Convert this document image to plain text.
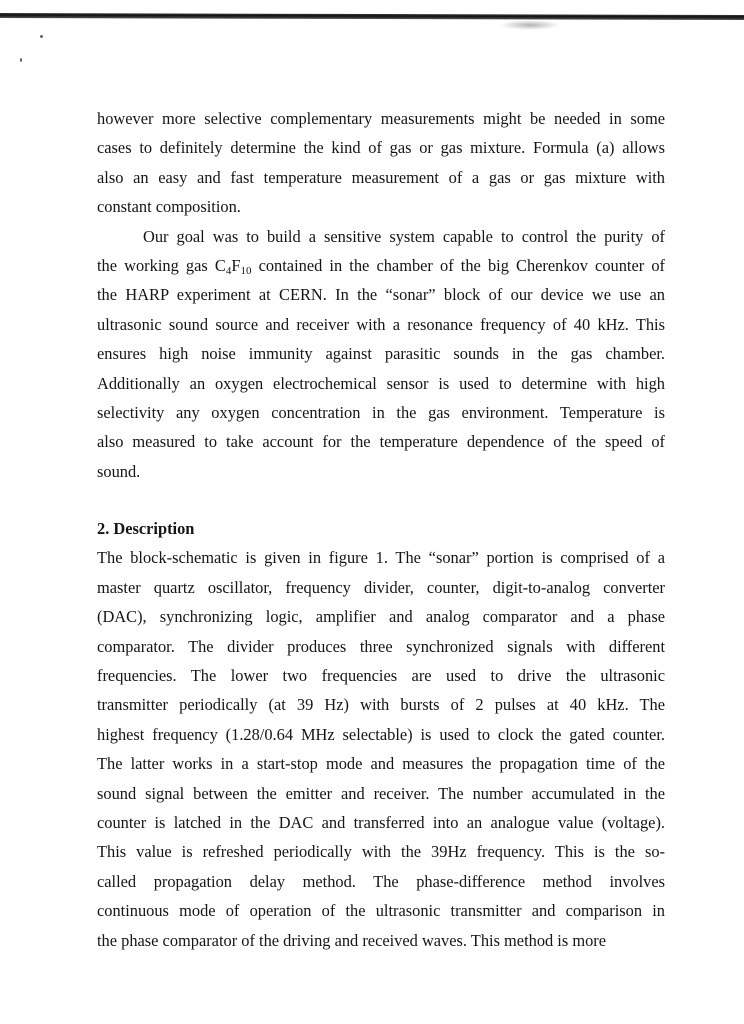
however more selective complementary measurements might be needed in some
cases to definitely determine the kind of gas or gas mixture. Formula (a) allows
also an easy and fast temperature measurement of a gas or gas mixture with
constant composition.
Our goal was to build a sensitive system capable to control the purity of
the working gas $C_4F_{10}$ contained in the chamber of the big Cherenkov counter of
the HARP experiment at CERN. In the “sonar” block of our device we use an
ultrasonic sound source and receiver with a resonance frequency of 40 kHz. This
ensures high noise immunity against parasitic sounds in the gas chamber.
Additionally an oxygen electrochemical sensor is used to determine with high
selectivity any oxygen concentration in the gas environment. Temperature is
also measured to take account for the temperature dependence of the speed of
sound.
2. Description
The block-schematic is given in figure 1. The “sonar” portion is comprised of a
master quartz oscillator, frequency divider, counter, digit-to-analog converter
(DAC), synchronizing logic, amplifier and analog comparator and a phase
comparator. The divider produces three synchronized signals with different
frequencies. The lower two frequencies are used to drive the ultrasonic
transmitter periodically (at 39 Hz) with bursts of 2 pulses at 40 kHz. The
highest frequency (1.28/0.64 MHz selectable) is used to clock the gated counter.
The latter works in a start-stop mode and measures the propagation time of the
sound signal between the emitter and receiver. The number accumulated in the
counter is latched in the DAC and transferred into an analogue value (voltage).
This value is refreshed periodically with the 39Hz frequency. This is the so-
called propagation delay method. The phase-difference method involves
continuous mode of operation of the ultrasonic transmitter and comparison in
the phase comparator of the driving and received waves. This method is more
